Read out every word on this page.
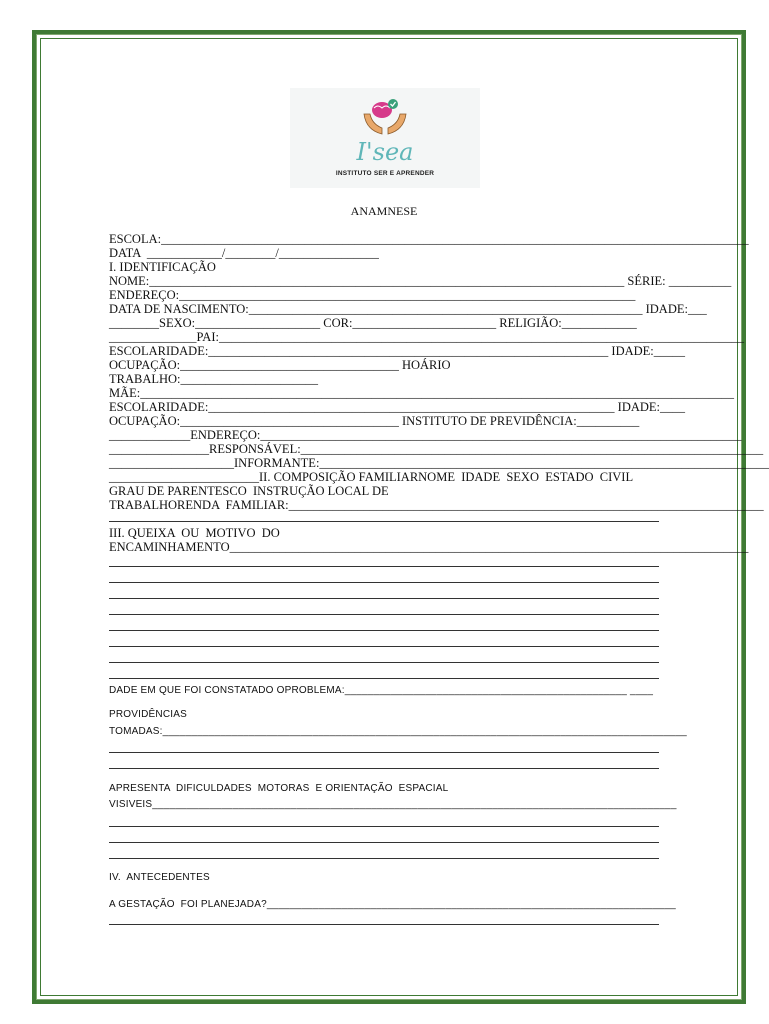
I'sea
INSTITUTO SER E APRENDER
ANAMNESE
ESCOLA:______________________________________________________________________________________________
DATA  ____________/________/________________
I. IDENTIFICAÇÃO
NOME:____________________________________________________________________________ SÉRIE: __________
ENDEREÇO:_________________________________________________________________________
DATA DE NASCIMENTO:_______________________________________________________________ IDADE:___
________SEXO:____________________ COR:_______________________ RELIGIÃO:____________
______________PAI:____________________________________________________________________________________
ESCOLARIDADE:________________________________________________________________ IDADE:_____
OCUPAÇÃO:___________________________________ HOÁRIO
TRABALHO:______________________
MÃE:_______________________________________________________________________________________________
ESCOLARIDADE:_________________________________________________________________ IDADE:____
OCUPAÇÃO:___________________________________ INSTITUTO DE PREVIDÊNCIA:__________
_____________ENDEREÇO:_____________________________________________________________________________
________________RESPONSÁVEL:__________________________________________________________________________
____________________INFORMANTE:________________________________________________________________________
________________________II. COMPOSIÇÃO FAMILIARNOME  IDADE  SEXO  ESTADO  CIVIL
GRAU DE PARENTESCO  INSTRUÇÃO LOCAL DE
TRABALHORENDA  FAMILIAR:____________________________________________________________________________
III. QUEIXA  OU  MOTIVO  DO
ENCAMINHAMENTO___________________________________________________________________________________
DADE EM QUE FOI CONSTATADO OPROBLEMA:_________________________________________________ ____
PROVIDÊNCIAS
TOMADAS:___________________________________________________________________________________________
APRESENTA  DIFICULDADES  MOTORAS  E ORIENTAÇÃO  ESPACIAL
VISIVEIS___________________________________________________________________________________________
IV.  ANTECEDENTES
A GESTAÇÃO  FOI PLANEJADA?_______________________________________________________________________
